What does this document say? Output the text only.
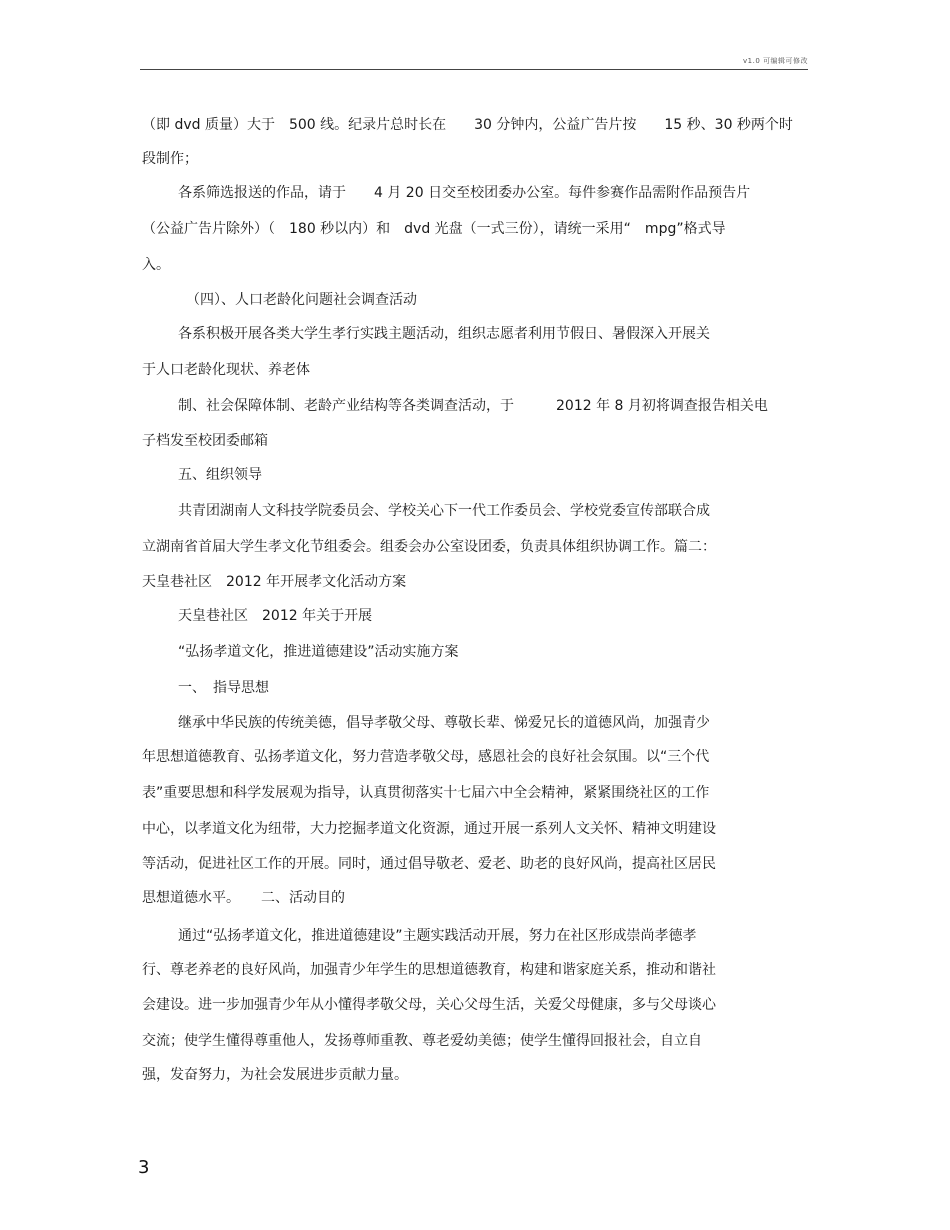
v1.0 可编辑可修改
（即 dvd 质量）大于　500 线。纪录片总时长在　　30 分钟内，公益广告片按　　15 秒、30 秒两个时
段制作；
各系筛选报送的作品，请于　　4 月 20 日交至校团委办公室。每件参赛作品需附作品预告片
（公益广告片除外）（　180 秒以内）和　dvd 光盘（一式三份），请统一采用“　mpg”格式导
入。
（四）、人口老龄化问题社会调查活动
各系积极开展各类大学生孝行实践主题活动，组织志愿者利用节假日、暑假深入开展关
于人口老龄化现状、养老体
制、社会保障体制、老龄产业结构等各类调查活动，于　　　2012 年 8 月初将调查报告相关电
子档发至校团委邮箱
五、组织领导
共青团湖南人文科技学院委员会、学校关心下一代工作委员会、学校党委宣传部联合成
立湖南省首届大学生孝文化节组委会。组委会办公室设团委，负责具体组织协调工作。篇二：
天皇巷社区　2012 年开展孝文化活动方案
天皇巷社区　2012 年关于开展
“弘扬孝道文化，推进道德建设”活动实施方案
一、　指导思想
继承中华民族的传统美德，倡导孝敬父母、尊敬长辈、悌爱兄长的道德风尚，加强青少
年思想道德教育、弘扬孝道文化，努力营造孝敬父母，感恩社会的良好社会氛围。以“三个代
表”重要思想和科学发展观为指导，认真贯彻落实十七届六中全会精神，紧紧围绕社区的工作
中心，以孝道文化为纽带，大力挖掘孝道文化资源，通过开展一系列人文关怀、精神文明建设
等活动，促进社区工作的开展。同时，通过倡导敬老、爱老、助老的良好风尚，提高社区居民
思想道德水平。　　二、活动目的
通过“弘扬孝道文化，推进道德建设”主题实践活动开展，努力在社区形成崇尚孝德孝
行、尊老养老的良好风尚，加强青少年学生的思想道德教育，构建和谐家庭关系，推动和谐社
会建设。进一步加强青少年从小懂得孝敬父母，关心父母生活，关爱父母健康，多与父母谈心
交流；使学生懂得尊重他人，发扬尊师重教、尊老爱幼美德；使学生懂得回报社会，自立自
强，发奋努力，为社会发展进步贡献力量。
3
